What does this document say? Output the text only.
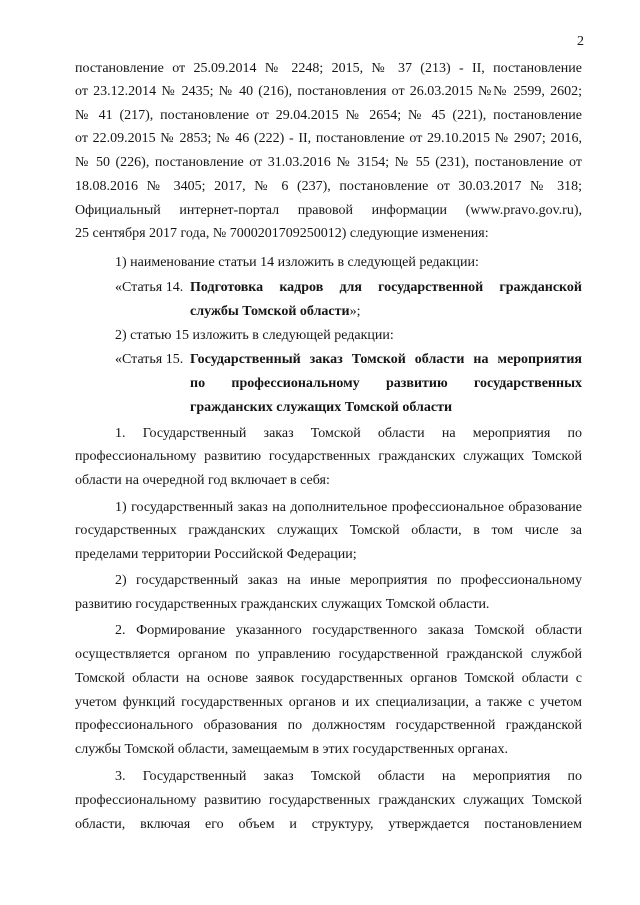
2
постановление от 25.09.2014 № 2248; 2015, № 37 (213) - II, постановление
от 23.12.2014 № 2435; № 40 (216), постановления от 26.03.2015 №№ 2599, 2602;
№ 41 (217), постановление от 29.04.2015 № 2654; № 45 (221), постановление
от 22.09.2015 № 2853; № 46 (222) - II, постановление от 29.10.2015 № 2907; 2016,
№ 50 (226), постановление от 31.03.2016 № 3154; № 55 (231), постановление от
18.08.2016 № 3405; 2017, № 6 (237), постановление от 30.03.2017 № 318;
Официальный интернет-портал правовой информации (www.pravo.gov.ru),
25 сентября 2017 года, № 7000201709250012) следующие изменения:
1) наименование статьи 14 изложить в следующей редакции:
«Статья 14. Подготовка кадров для государственной гражданской
службы Томской области»;
2) статью 15 изложить в следующей редакции:
«Статья 15. Государственный заказ Томской области на мероприятия
по профессиональному развитию государственных
гражданских служащих Томской области
1. Государственный заказ Томской области на мероприятия по
профессиональному развитию государственных гражданских служащих Томской
области на очередной год включает в себя:
1) государственный заказ на дополнительное профессиональное образование
государственных гражданских служащих Томской области, в том числе за
пределами территории Российской Федерации;
2) государственный заказ на иные мероприятия по профессиональному
развитию государственных гражданских служащих Томской области.
2. Формирование указанного государственного заказа Томской области
осуществляется органом по управлению государственной гражданской службой
Томской области на основе заявок государственных органов Томской области с
учетом функций государственных органов и их специализации, а также с учетом
профессионального образования по должностям государственной гражданской
службы Томской области, замещаемым в этих государственных органах.
3. Государственный заказ Томской области на мероприятия по
профессиональному развитию государственных гражданских служащих Томской
области, включая его объем и структуру, утверждается постановлением
